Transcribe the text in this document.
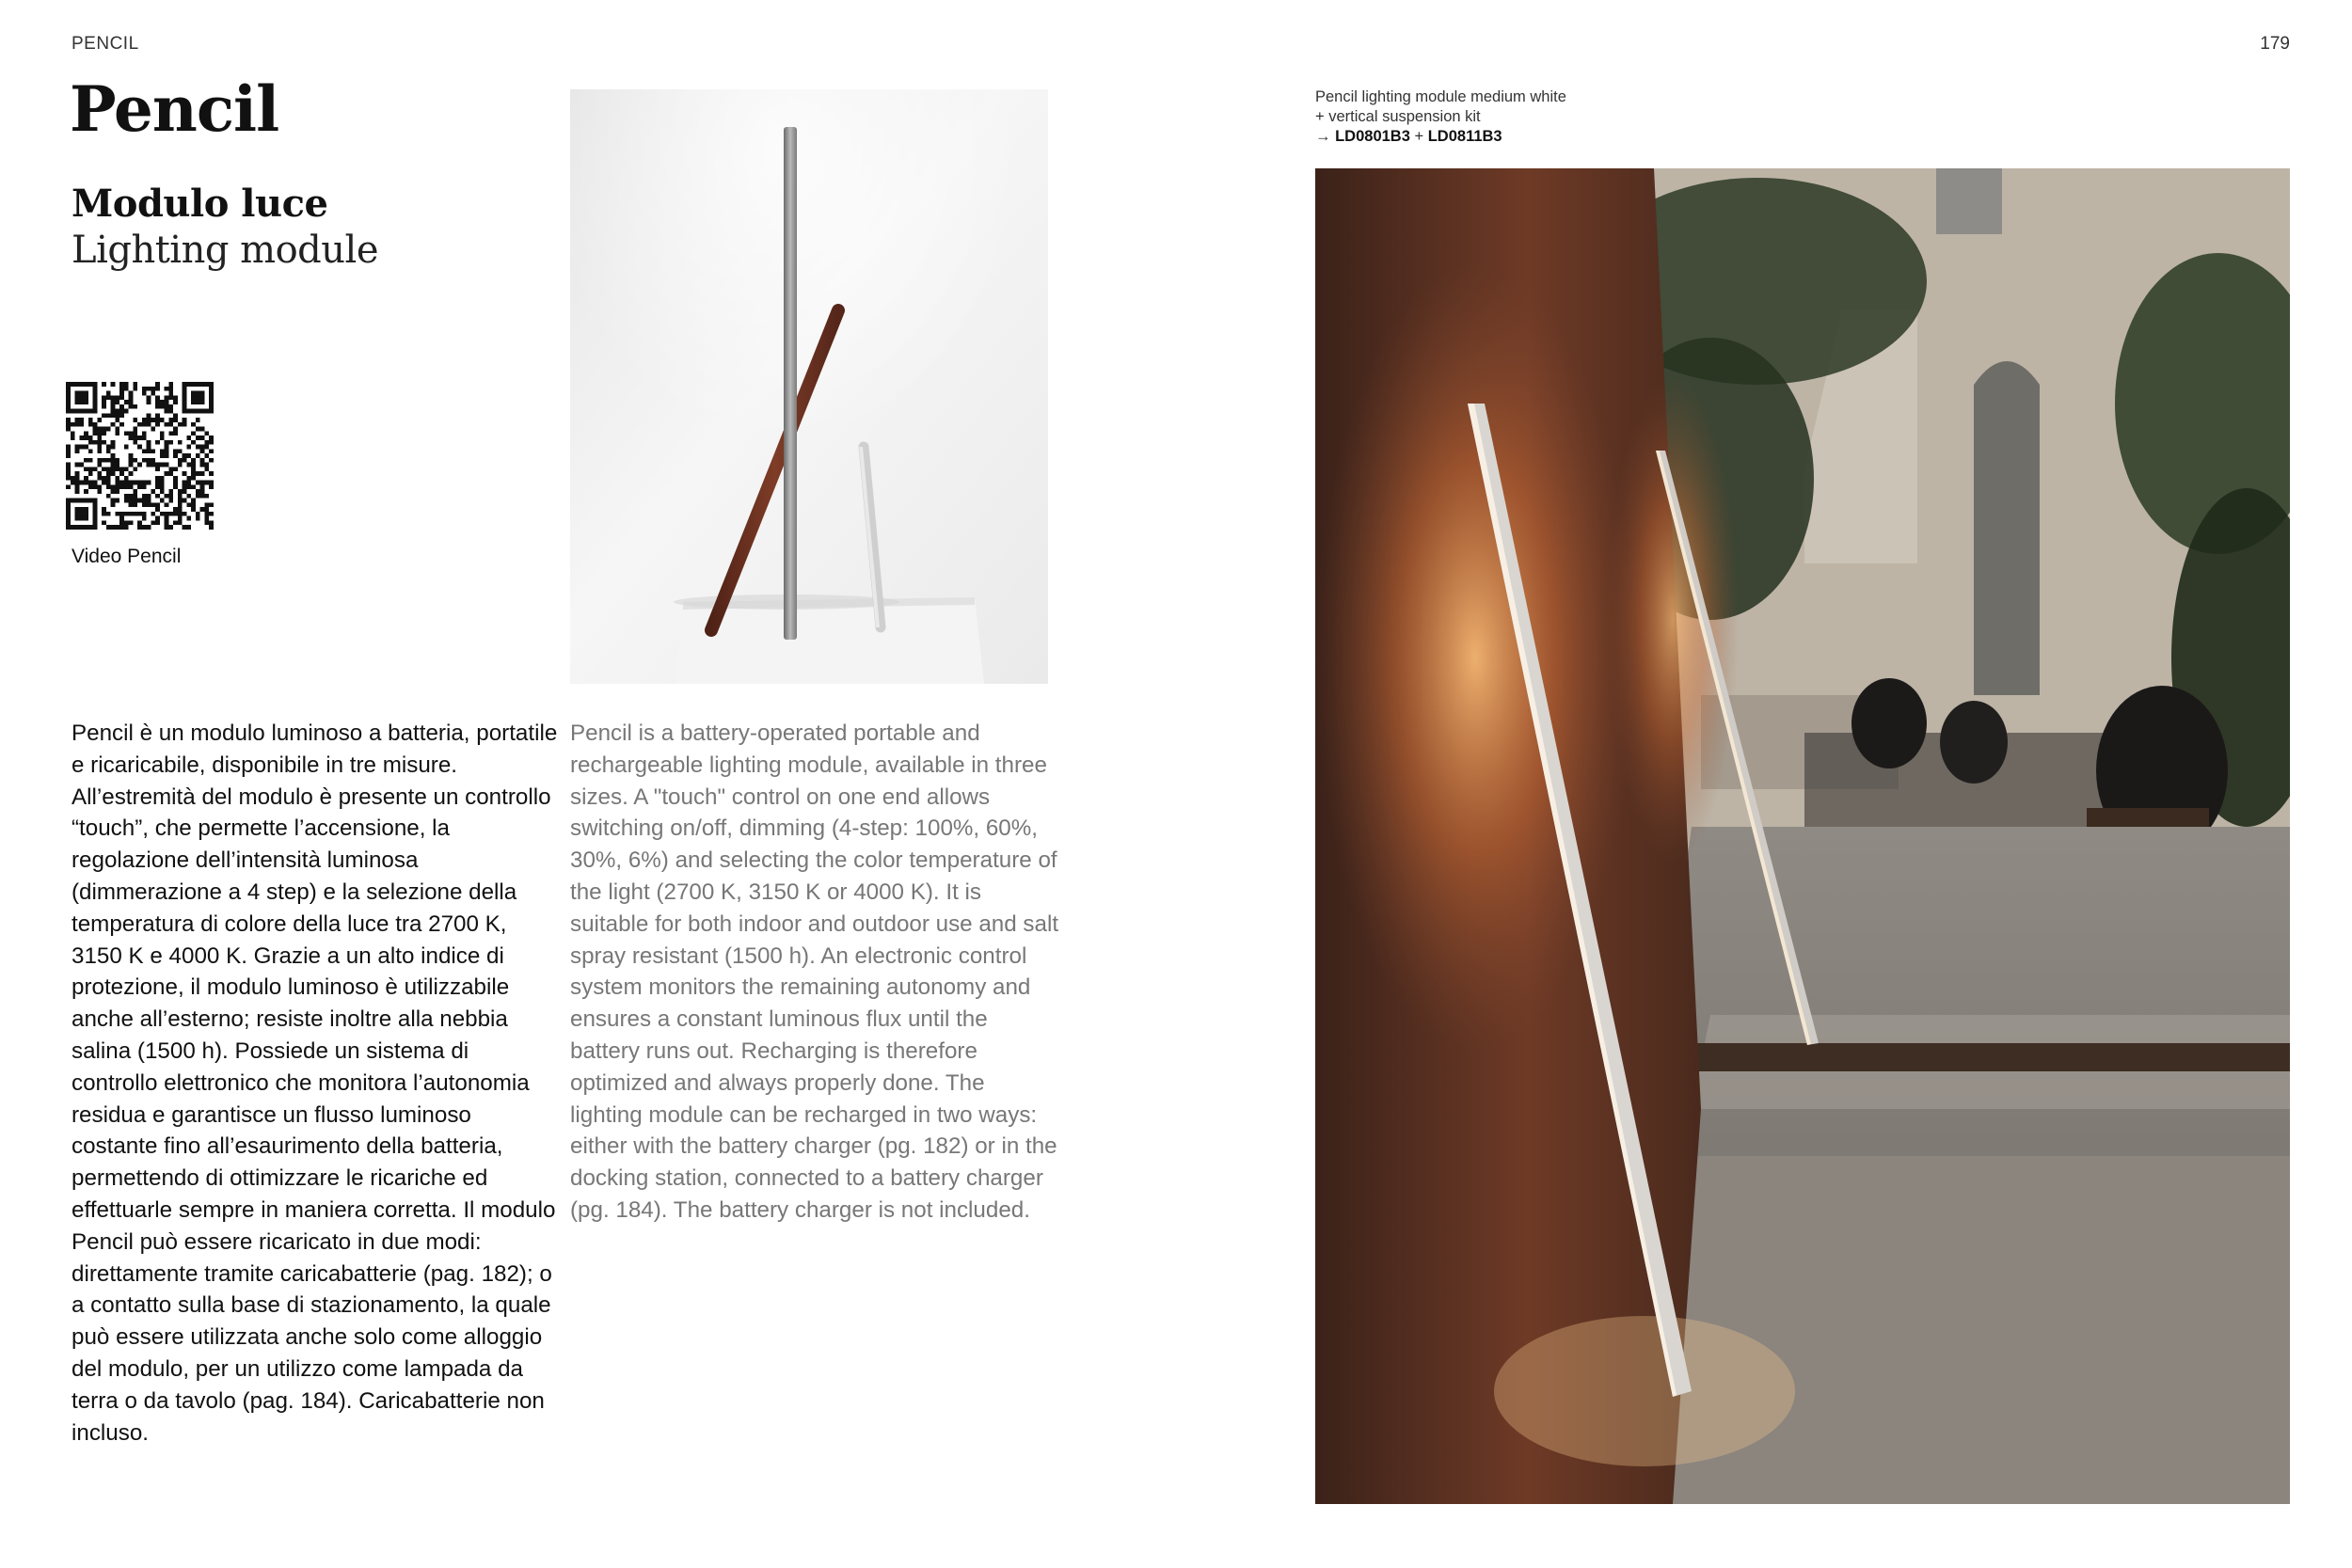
PENCIL	179
Pencil
Modulo luce
Lighting module
Video Pencil
Pencil è un modulo luminoso a batteria, portatile e ricaricabile, disponibile in tre misure. All’estremità del modulo è presente un controllo “touch”, che permette l’accensione, la regolazione dell’intensità luminosa (dimmerazione a 4 step) e la selezione della temperatura di colore della luce tra 2700 K, 3150 K e 4000 K. Grazie a un alto indice di protezione, il modulo luminoso è utilizzabile anche all’esterno; resiste inoltre alla nebbia salina (1500 h). Possiede un sistema di controllo elettronico che monitora l’autonomia residua e garantisce un flusso luminoso costante fino all’esaurimento della batteria, permettendo di ottimizzare le ricariche ed effettuarle sempre in maniera corretta. Il modulo Pencil può essere ricaricato in due modi: direttamente tramite caricabatterie (pag. 182); o a contatto sulla base di stazionamento, la quale può essere utilizzata anche solo come alloggio del modulo, per un utilizzo come lampada da terra o da tavolo (pag. 184). Caricabatterie non incluso.
Pencil is a battery-operated portable and rechargeable lighting module, available in three sizes. A "touch" control on one end allows switching on/off, dimming (4-step: 100%, 60%, 30%, 6%) and selecting the color temperature of the light (2700 K, 3150 K or 4000 K). It is suitable for both indoor and outdoor use and salt spray resistant (1500 h). An electronic control system monitors the remaining autonomy and ensures a constant luminous flux until the battery runs out. Recharging is therefore optimized and always properly done. The lighting module can be recharged in two ways: either with the battery charger (pg. 182) or in the docking station, connected to a battery charger (pg. 184). The battery charger is not included.
Pencil lighting module medium white
+ vertical suspension kit
→ LD0801B3 + LD0811B3
